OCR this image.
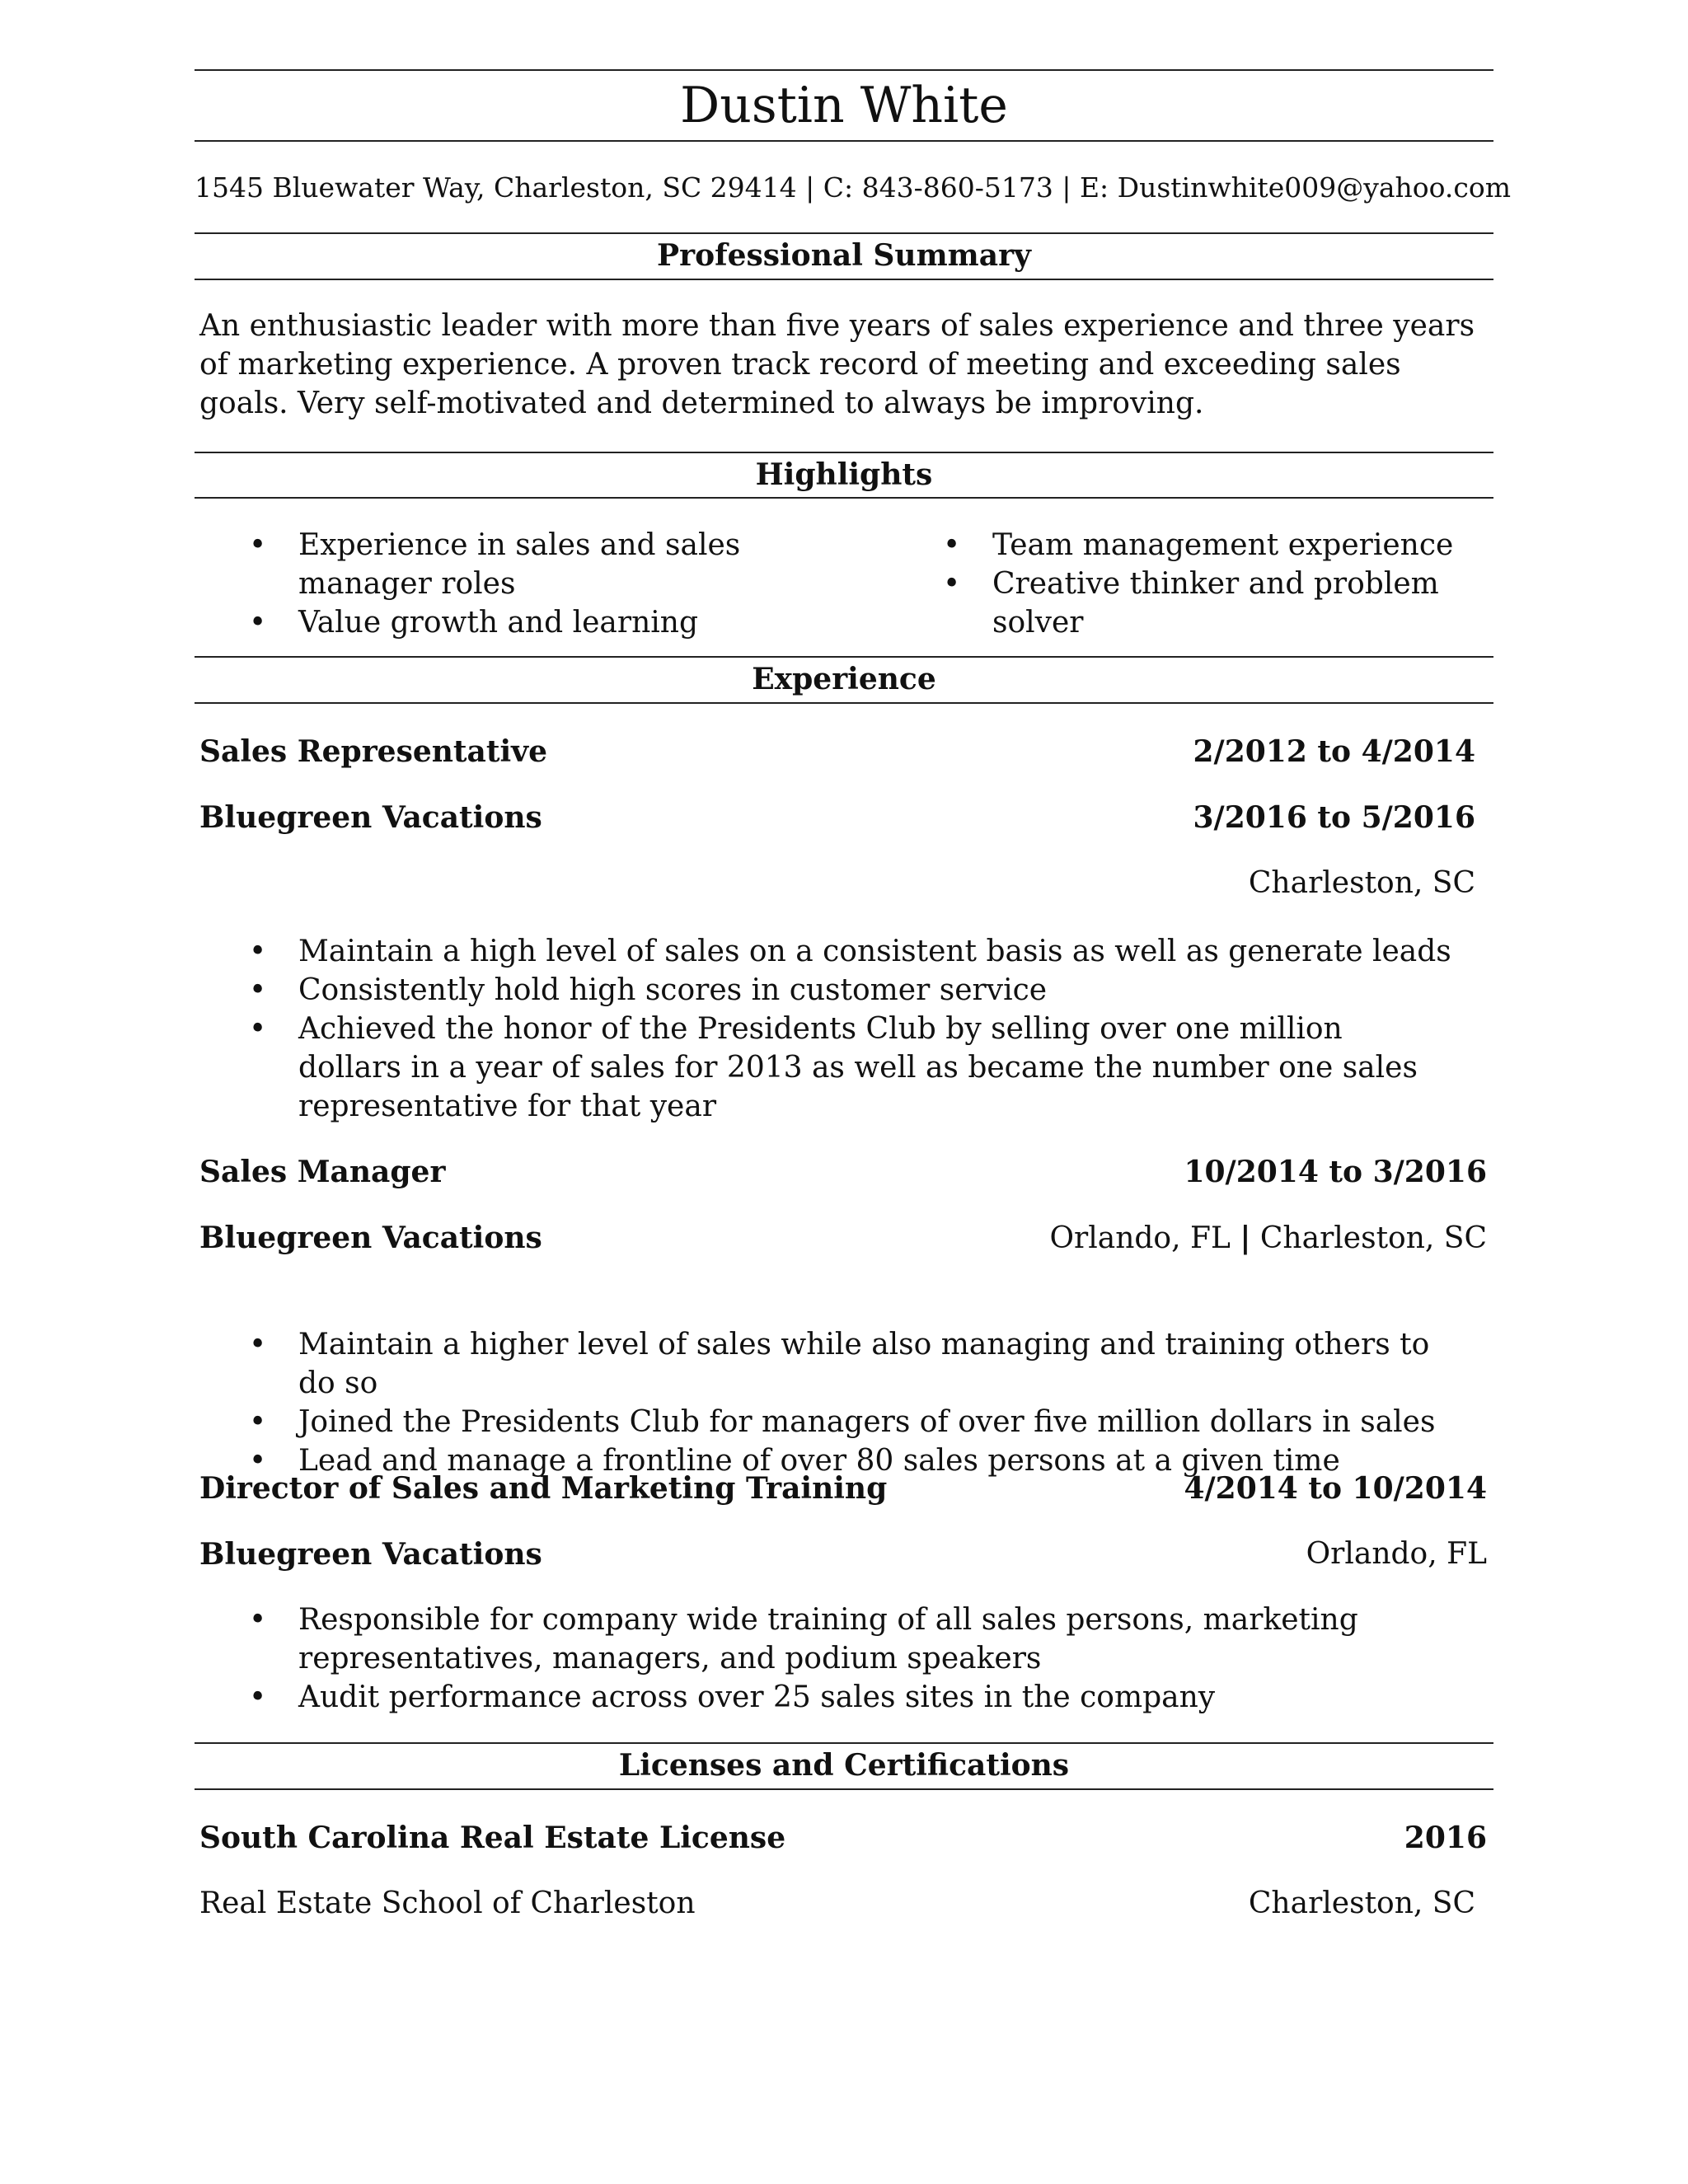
Dustin White
1545 Bluewater Way, Charleston, SC 29414 | C: 843-860-5173 | E: Dustinwhite009@yahoo.com
Professional Summary
An enthusiastic leader with more than five years of sales experience and three years of marketing experience. A proven track record of meeting and exceeding sales goals. Very self-motivated and determined to always be improving.
Highlights
• Experience in sales and sales manager roles
• Value growth and learning
• Team management experience
• Creative thinker and problem solver
Experience
Sales Representative	2/2012 to 4/2014
Bluegreen Vacations	3/2016 to 5/2016
Charleston, SC
• Maintain a high level of sales on a consistent basis as well as generate leads
• Consistently hold high scores in customer service
• Achieved the honor of the Presidents Club by selling over one million dollars in a year of sales for 2013 as well as became the number one sales representative for that year
Sales Manager	10/2014 to 3/2016
Bluegreen Vacations	Orlando, FL | Charleston, SC
• Maintain a higher level of sales while also managing and training others to do so
• Joined the Presidents Club for managers of over five million dollars in sales
• Lead and manage a frontline of over 80 sales persons at a given time
Director of Sales and Marketing Training	4/2014 to 10/2014
Bluegreen Vacations	Orlando, FL
• Responsible for company wide training of all sales persons, marketing representatives, managers, and podium speakers
• Audit performance across over 25 sales sites in the company
Licenses and Certifications
South Carolina Real Estate License	2016
Real Estate School of Charleston	Charleston, SC
